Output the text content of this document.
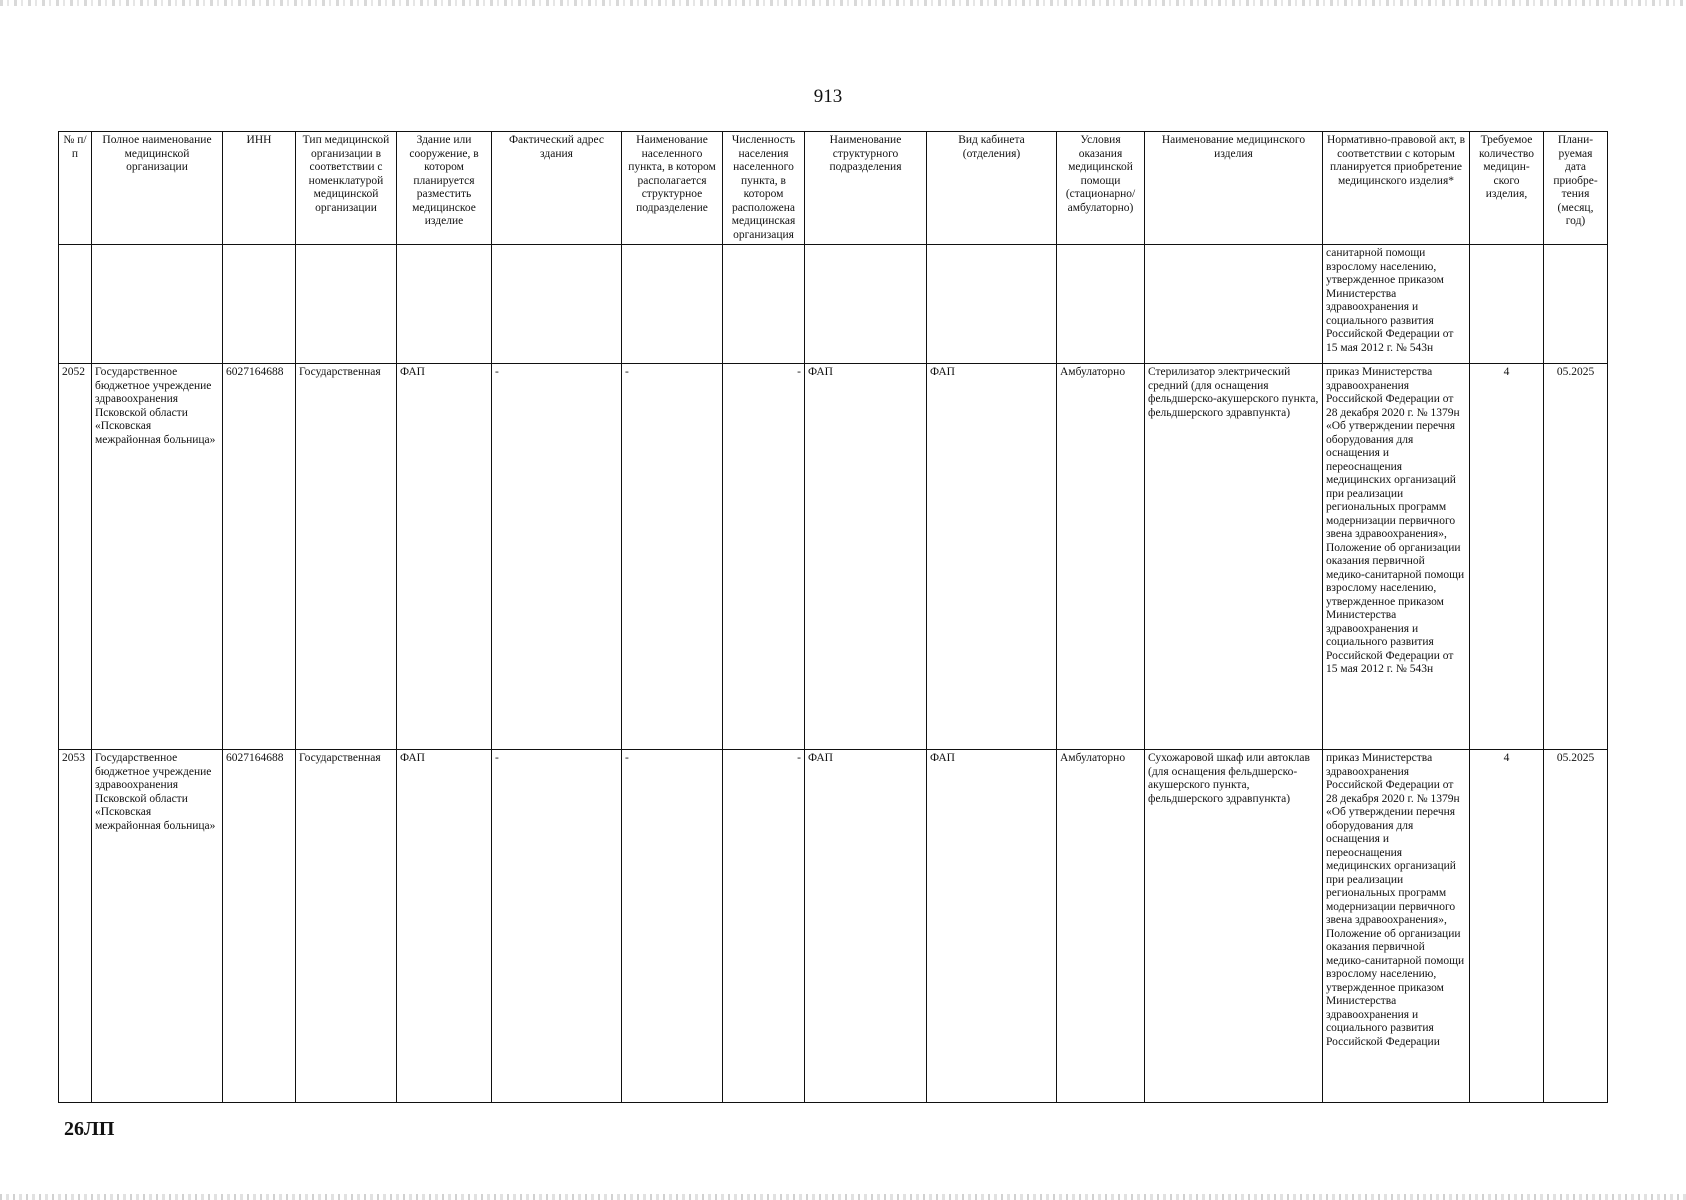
913
№ п/п	Полное наименование медицинской организации	ИНН	Тип медицинской организации в соответствии с номенклатурой медицинской организации	Здание или сооружение, в котором планируется разместить медицинское изделие	Фактический адрес здания	Наименование населенного пункта, в котором располагается структурное подразделение	Численность населения населенного пункта, в котором расположена медицинская организация	Наименование структурного подразделения	Вид кабинета (отделения)	Условия оказания медицинской помощи (стационарно/ амбулаторно)	Наименование медицинского изделия	Нормативно-правовой акт, в соответствии с которым планируется приобретение медицинского изделия*	Требуемое количество медицин-ского изделия,	Плани-руемая дата приобре-тения (месяц, год)
												санитарной помощи взрослому населению, утвержденное приказом Министерства здравоохранения и социального развития Российской Федерации от 15 мая 2012 г. № 543н		
2052	Государственное бюджетное учреждение здравоохранения Псковской области «Псковская межрайонная больница»	6027164688	Государственная	ФАП	-	-	-	ФАП	ФАП	Амбулаторно	Стерилизатор электрический средний (для оснащения фельдшерско-акушерского пункта, фельдшерского здравпункта)	приказ Министерства здравоохранения Российской Федерации от 28 декабря 2020 г. № 1379н «Об утверждении перечня оборудования для оснащения и переоснащения медицинских организаций при реализации региональных программ модернизации первичного звена здравоохранения», Положение об организации оказания первичной медико-санитарной помощи взрослому населению, утвержденное приказом Министерства здравоохранения и социального развития Российской Федерации от 15 мая 2012 г. № 543н	4	05.2025
2053	Государственное бюджетное учреждение здравоохранения Псковской области «Псковская межрайонная больница»	6027164688	Государственная	ФАП	-	-	-	ФАП	ФАП	Амбулаторно	Сухожаровой шкаф или автоклав (для оснащения фельдшерско-акушерского пункта, фельдшерского здравпункта)	приказ Министерства здравоохранения Российской Федерации от 28 декабря 2020 г. № 1379н «Об утверждении перечня оборудования для оснащения и переоснащения медицинских организаций при реализации региональных программ модернизации первичного звена здравоохранения», Положение об организации оказания первичной медико-санитарной помощи взрослому населению, утвержденное приказом Министерства здравоохранения и социального развития Российской Федерации	4	05.2025
26ЛП
